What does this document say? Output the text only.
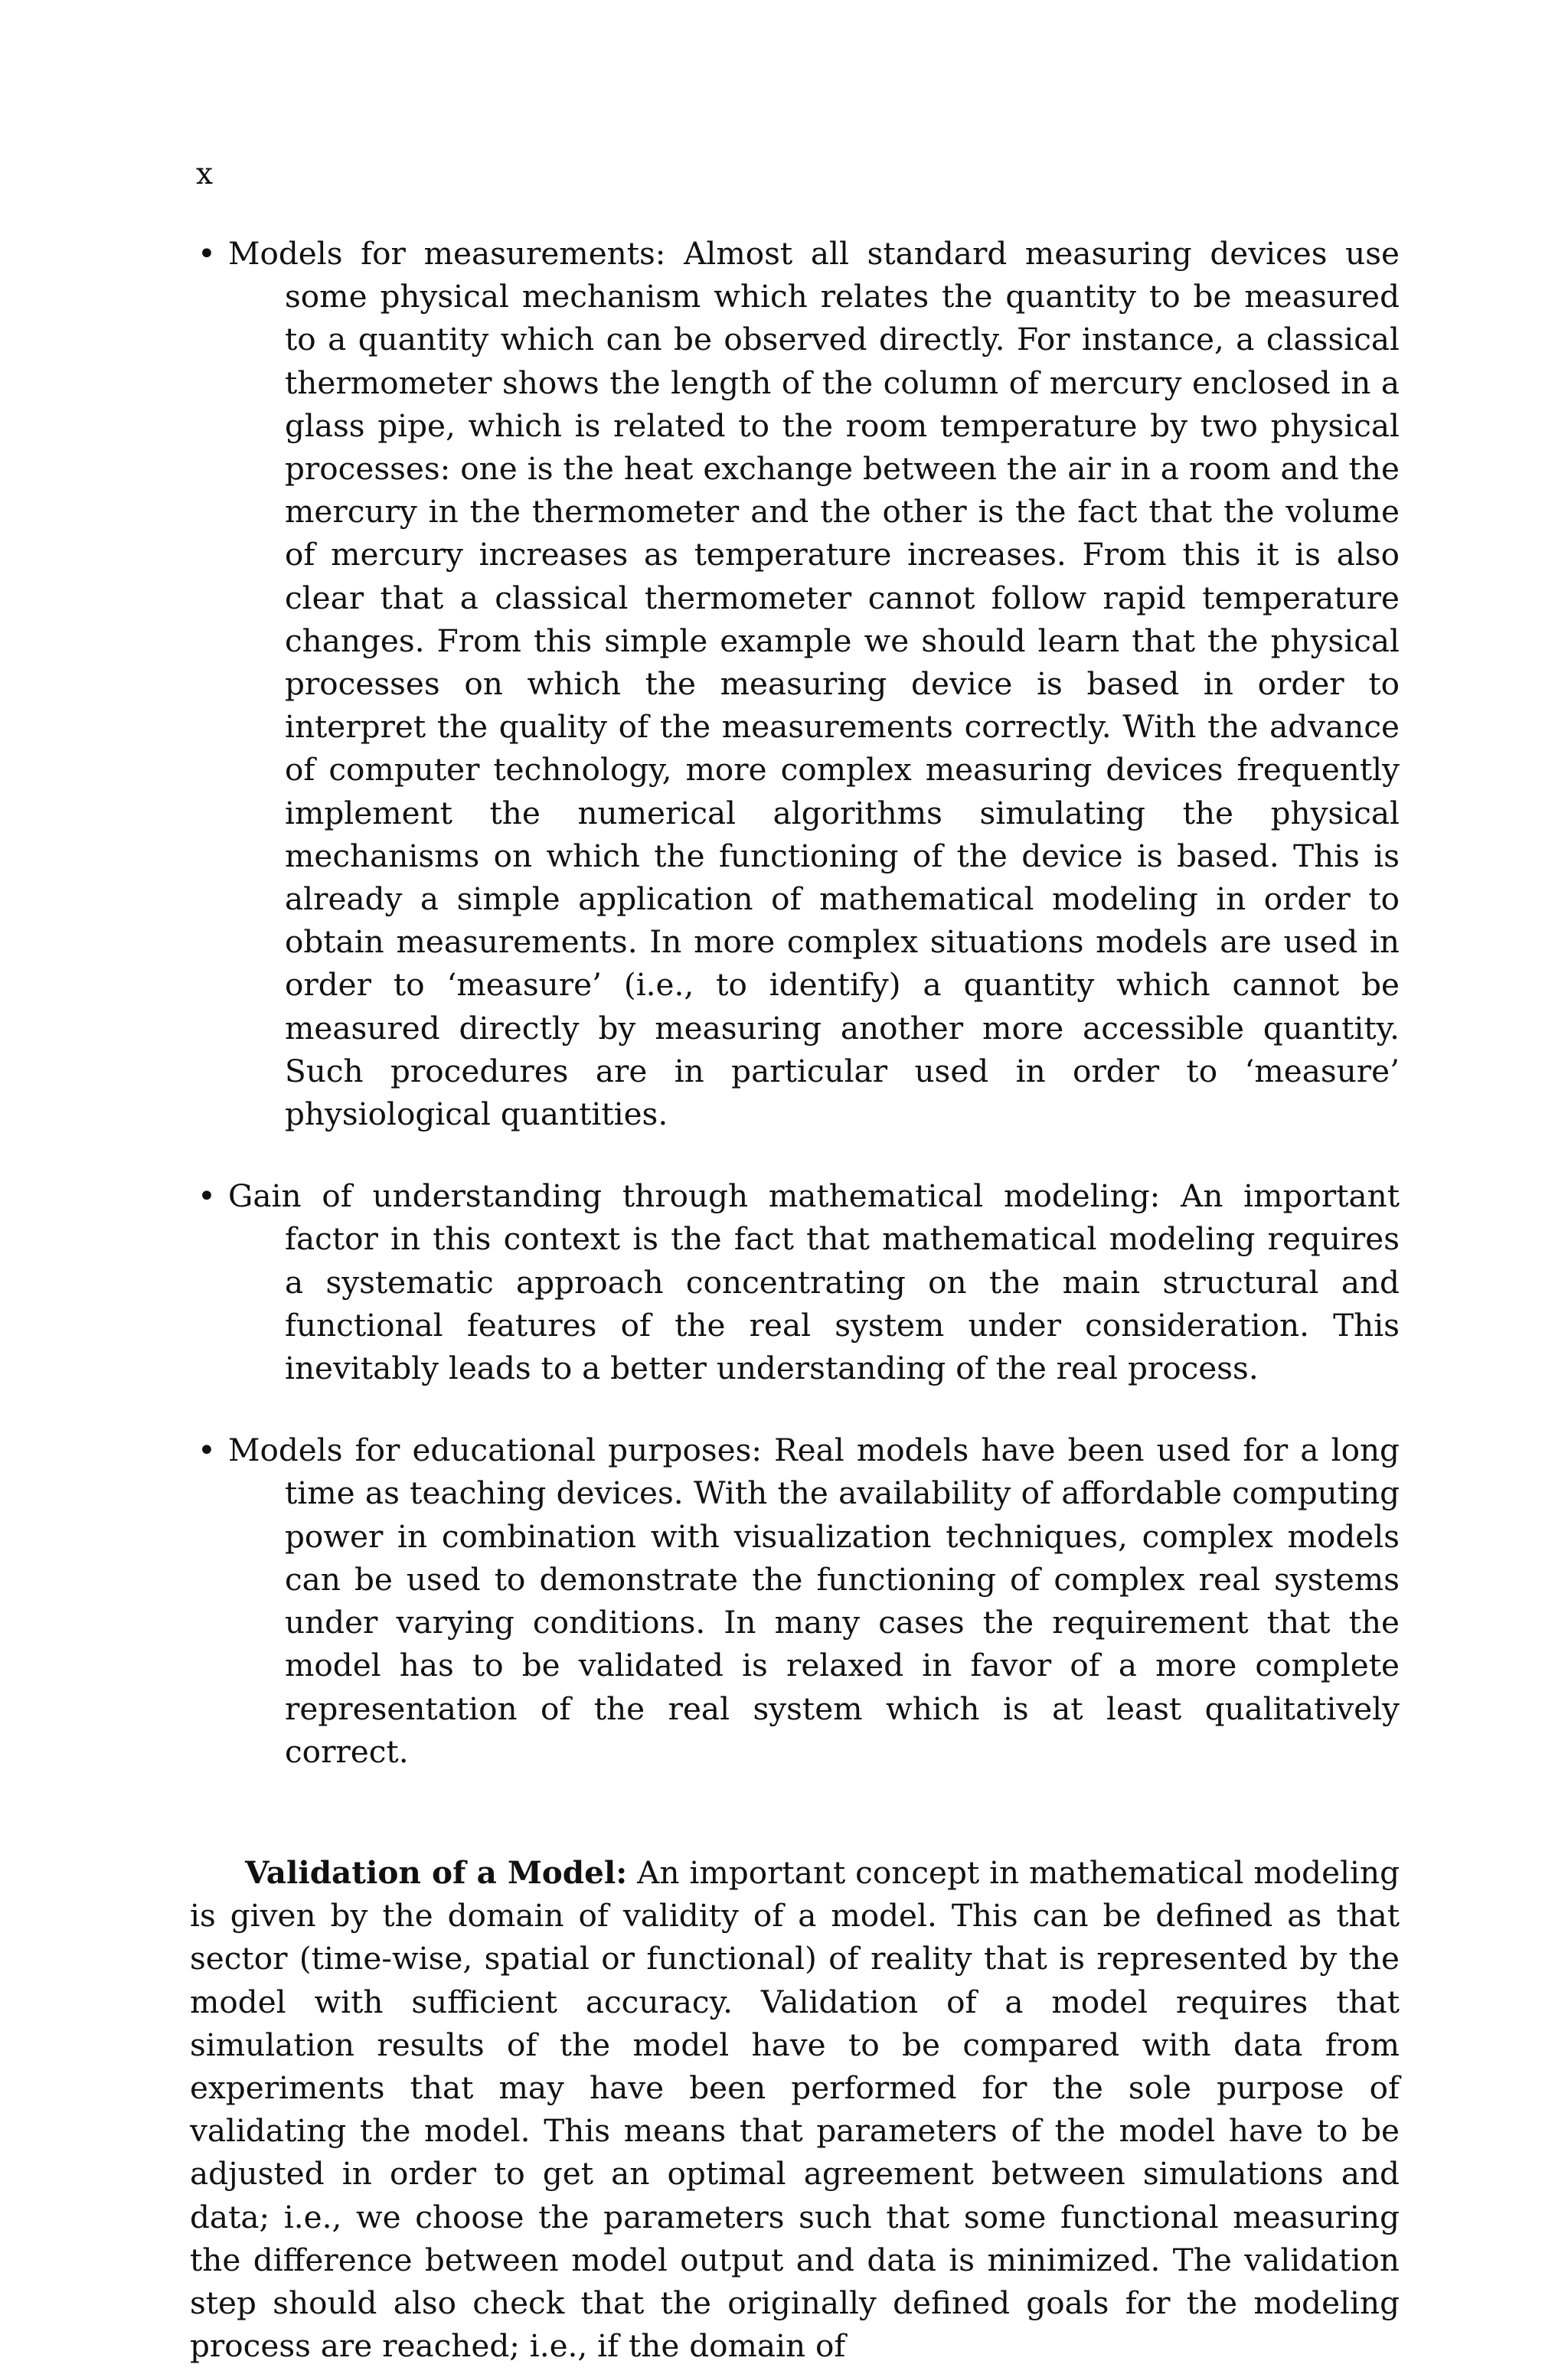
x
• Models for measurements: Almost all standard measuring devices use some physical mechanism which relates the quantity to be measured to a quantity which can be observed directly. For instance, a classical thermometer shows the length of the column of mercury enclosed in a glass pipe, which is related to the room temperature by two physical processes: one is the heat exchange between the air in a room and the mercury in the thermometer and the other is the fact that the volume of mercury increases as temperature increases. From this it is also clear that a classical thermometer cannot follow rapid temperature changes. From this simple example we should learn that the physical processes on which the measuring device is based in order to interpret the quality of the measurements correctly. With the advance of computer technology, more complex measuring devices frequently implement the numerical algorithms simulating the physical mechanisms on which the functioning of the device is based. This is already a simple application of mathematical modeling in order to obtain measurements. In more complex situations models are used in order to ‘measure’ (i.e., to identify) a quantity which cannot be measured directly by measuring another more accessible quantity. Such procedures are in particular used in order to ‘measure’ physiological quantities.
• Gain of understanding through mathematical modeling: An important factor in this context is the fact that mathematical modeling requires a systematic approach concentrating on the main structural and functional features of the real system under consideration. This inevitably leads to a better understanding of the real process.
• Models for educational purposes: Real models have been used for a long time as teaching devices. With the availability of affordable computing power in combination with visualization techniques, complex models can be used to demonstrate the functioning of complex real systems under varying conditions. In many cases the requirement that the model has to be validated is relaxed in favor of a more complete representation of the real system which is at least qualitatively correct.

Validation of a Model: An important concept in mathematical modeling is given by the domain of validity of a model. This can be defined as that sector (time-wise, spatial or functional) of reality that is represented by the model with sufficient accuracy. Validation of a model requires that simulation results of the model have to be compared with data from experiments that may have been performed for the sole purpose of validating the model. This means that parameters of the model have to be adjusted in order to get an optimal agreement between simulations and data; i.e., we choose the parameters such that some functional measuring the difference between model output and data is minimized. The validation step should also check that the originally defined goals for the modeling process are reached; i.e., if the domain of
